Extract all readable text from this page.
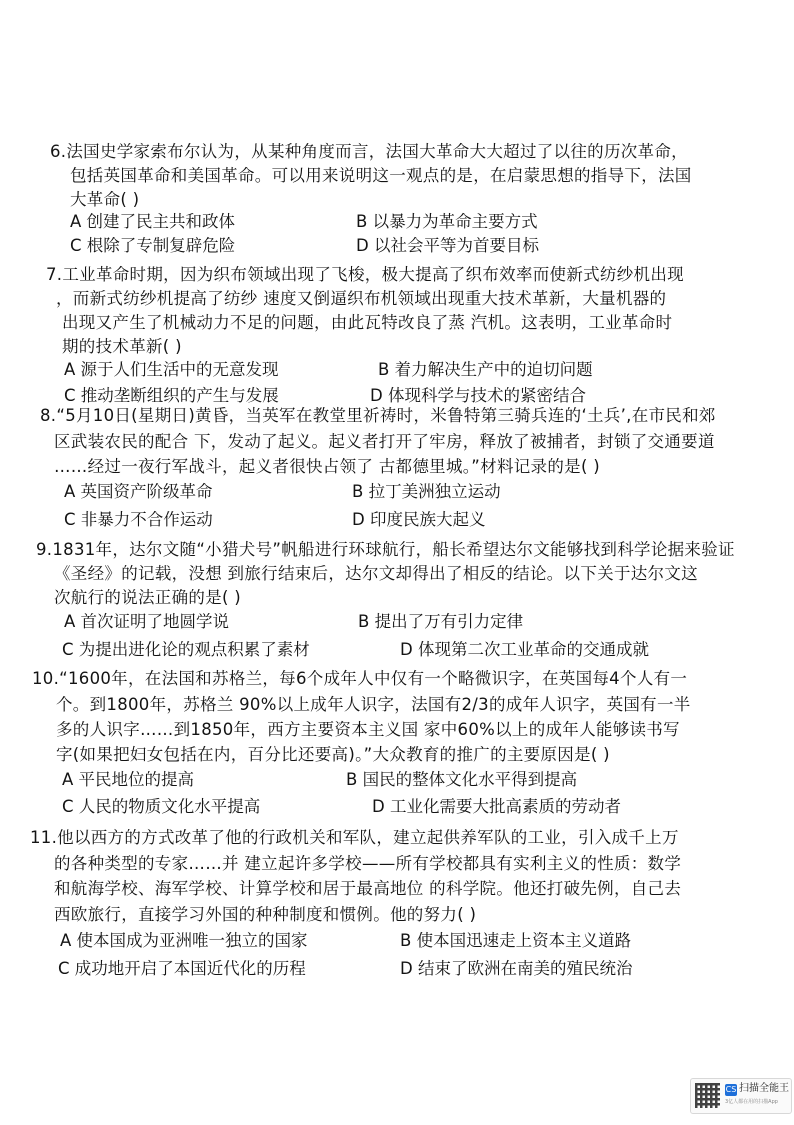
6.法国史学家索布尔认为，从某种角度而言，法国大革命大大超过了以往的历次革命，
包括英国革命和美国革命。可以用来说明这一观点的是，在启蒙思想的指导下，法国
大革命( )
A 创建了民主共和政体	B 以暴力为革命主要方式
C 根除了专制复辟危险	D 以社会平等为首要目标
7.工业革命时期，因为织布领域出现了飞梭，极大提高了织布效率而使新式纺纱机出现
，而新式纺纱机提高了纺纱 速度又倒逼织布机领域出现重大技术革新，大量机器的
出现又产生了机械动力不足的问题，由此瓦特改良了蒸 汽机。这表明，工业革命时
期的技术革新( )
A 源于人们生活中的无意发现	B 着力解决生产中的迫切问题
C 推动垄断组织的产生与发展	D 体现科学与技术的紧密结合
8.“5月10日(星期日)黄昏，当英军在教堂里祈祷时，米鲁特第三骑兵连的‘土兵’,在市民和郊
区武装农民的配合 下，发动了起义。起义者打开了牢房，释放了被捕者，封锁了交通要道
……经过一夜行军战斗，起义者很快占领了 古都德里城。”材料记录的是( )
A 英国资产阶级革命	B 拉丁美洲独立运动
C 非暴力不合作运动	D 印度民族大起义
9.1831年，达尔文随“小猎犬号”帆船进行环球航行，船长希望达尔文能够找到科学论据来验证
《圣经》的记载，没想 到旅行结束后，达尔文却得出了相反的结论。以下关于达尔文这
次航行的说法正确的是( )
A 首次证明了地圆学说	B 提出了万有引力定律
C 为提出进化论的观点积累了素材	D 体现第二次工业革命的交通成就
10.“1600年，在法国和苏格兰，每6个成年人中仅有一个略微识字，在英国每4个人有一
个。到1800年，苏格兰 90%以上成年人识字，法国有2/3的成年人识字，英国有一半
多的人识字……到1850年，西方主要资本主义国 家中60%以上的成年人能够读书写
字(如果把妇女包括在内，百分比还要高)。”大众教育的推广的主要原因是( )
A 平民地位的提高	B 国民的整体文化水平得到提高
C 人民的物质文化水平提高	D 工业化需要大批高素质的劳动者
11.他以西方的方式改革了他的行政机关和军队，建立起供养军队的工业，引入成千上万
的各种类型的专家……并 建立起许多学校——所有学校都具有实利主义的性质：数学
和航海学校、海军学校、计算学校和居于最高地位 的科学院。他还打破先例，自己去
西欧旅行，直接学习外国的种种制度和惯例。他的努力( )
A 使本国成为亚洲唯一独立的国家	B 使本国迅速走上资本主义道路
C 成功地开启了本国近代化的历程	D 结束了欧洲在南美的殖民统治
CS 扫描全能王
3亿人都在用的扫描App
